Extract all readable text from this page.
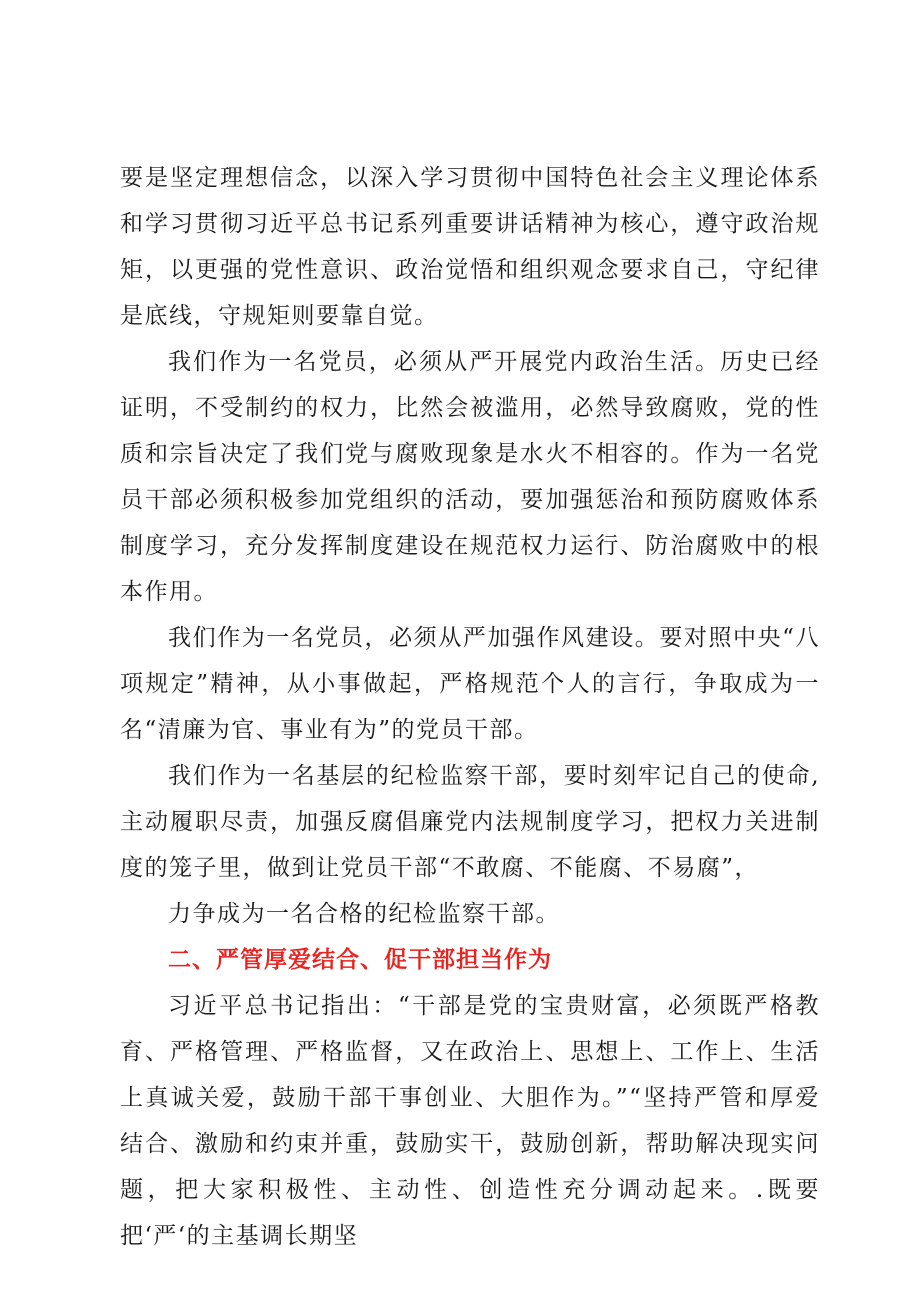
要是坚定理想信念，以深入学习贯彻中国特色社会主义理论体系和学习贯彻习近平总书记系列重要讲话精神为核心，遵守政治规矩，以更强的党性意识、政治觉悟和组织观念要求自己，守纪律是底线，守规矩则要靠自觉。

我们作为一名党员，必须从严开展党内政治生活。历史已经证明，不受制约的权力，比然会被滥用，必然导致腐败，党的性质和宗旨决定了我们党与腐败现象是水火不相容的。作为一名党员干部必须积极参加党组织的活动，要加强惩治和预防腐败体系制度学习，充分发挥制度建设在规范权力运行、防治腐败中的根本作用。

我们作为一名党员，必须从严加强作风建设。要对照中央“八项规定”精神，从小事做起，严格规范个人的言行，争取成为一名“清廉为官、事业有为”的党员干部。

我们作为一名基层的纪检监察干部，要时刻牢记自己的使命,主动履职尽责，加强反腐倡廉党内法规制度学习，把权力关进制度的笼子里，做到让党员干部“不敢腐、不能腐、不易腐”，

力争成为一名合格的纪检监察干部。

二、严管厚爱结合、促干部担当作为

习近平总书记指出：“干部是党的宝贵财富，必须既严格教育、严格管理、严格监督，又在政治上、思想上、工作上、生活上真诚关爱，鼓励干部干事创业、大胆作为。”“坚持严管和厚爱结合、激励和约束并重，鼓励实干，鼓励创新，帮助解决现实问题，把大家积极性、主动性、创造性充分调动起来。.既要把‘严‘的主基调长期坚
